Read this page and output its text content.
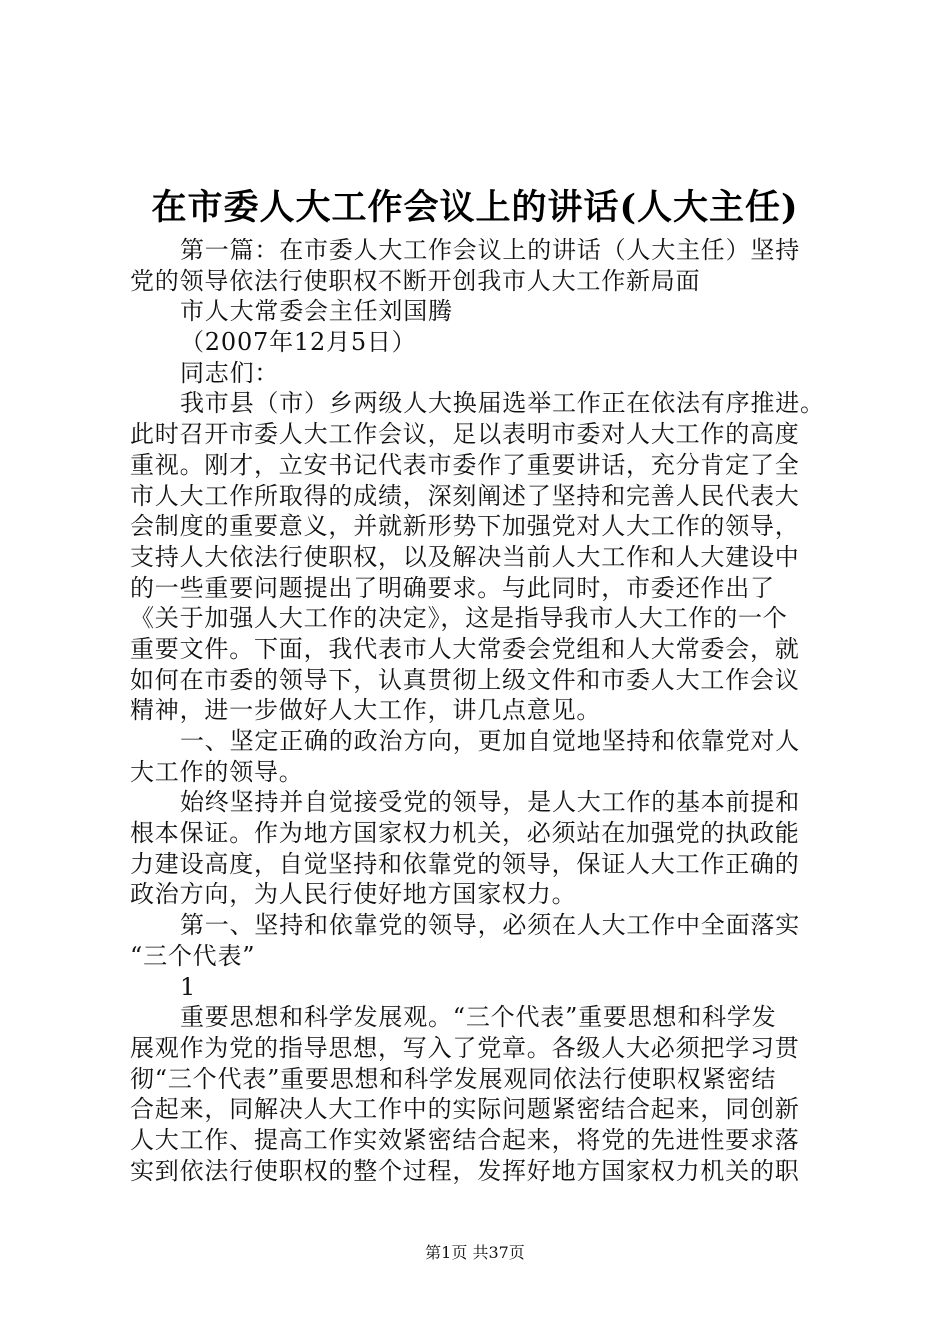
在市委人大工作会议上的讲话(人大主任)
第一篇：在市委人大工作会议上的讲话（人大主任）坚持
党的领导依法行使职权不断开创我市人大工作新局面
市人大常委会主任刘国腾
（2007年12月5日）
同志们：
我市县（市）乡两级人大换届选举工作正在依法有序推进。
此时召开市委人大工作会议，足以表明市委对人大工作的高度
重视。刚才，立安书记代表市委作了重要讲话，充分肯定了全
市人大工作所取得的成绩，深刻阐述了坚持和完善人民代表大
会制度的重要意义，并就新形势下加强党对人大工作的领导，
支持人大依法行使职权，以及解决当前人大工作和人大建设中
的一些重要问题提出了明确要求。与此同时，市委还作出了
《关于加强人大工作的决定》，这是指导我市人大工作的一个
重要文件。下面，我代表市人大常委会党组和人大常委会，就
如何在市委的领导下，认真贯彻上级文件和市委人大工作会议
精神，进一步做好人大工作，讲几点意见。
一、坚定正确的政治方向，更加自觉地坚持和依靠党对人
大工作的领导。
始终坚持并自觉接受党的领导，是人大工作的基本前提和
根本保证。作为地方国家权力机关，必须站在加强党的执政能
力建设高度，自觉坚持和依靠党的领导，保证人大工作正确的
政治方向，为人民行使好地方国家权力。
第一、坚持和依靠党的领导，必须在人大工作中全面落实
“三个代表”
1
重要思想和科学发展观。“三个代表”重要思想和科学发
展观作为党的指导思想，写入了党章。各级人大必须把学习贯
彻“三个代表”重要思想和科学发展观同依法行使职权紧密结
合起来，同解决人大工作中的实际问题紧密结合起来，同创新
人大工作、提高工作实效紧密结合起来，将党的先进性要求落
实到依法行使职权的整个过程，发挥好地方国家权力机关的职
第1页 共37页
